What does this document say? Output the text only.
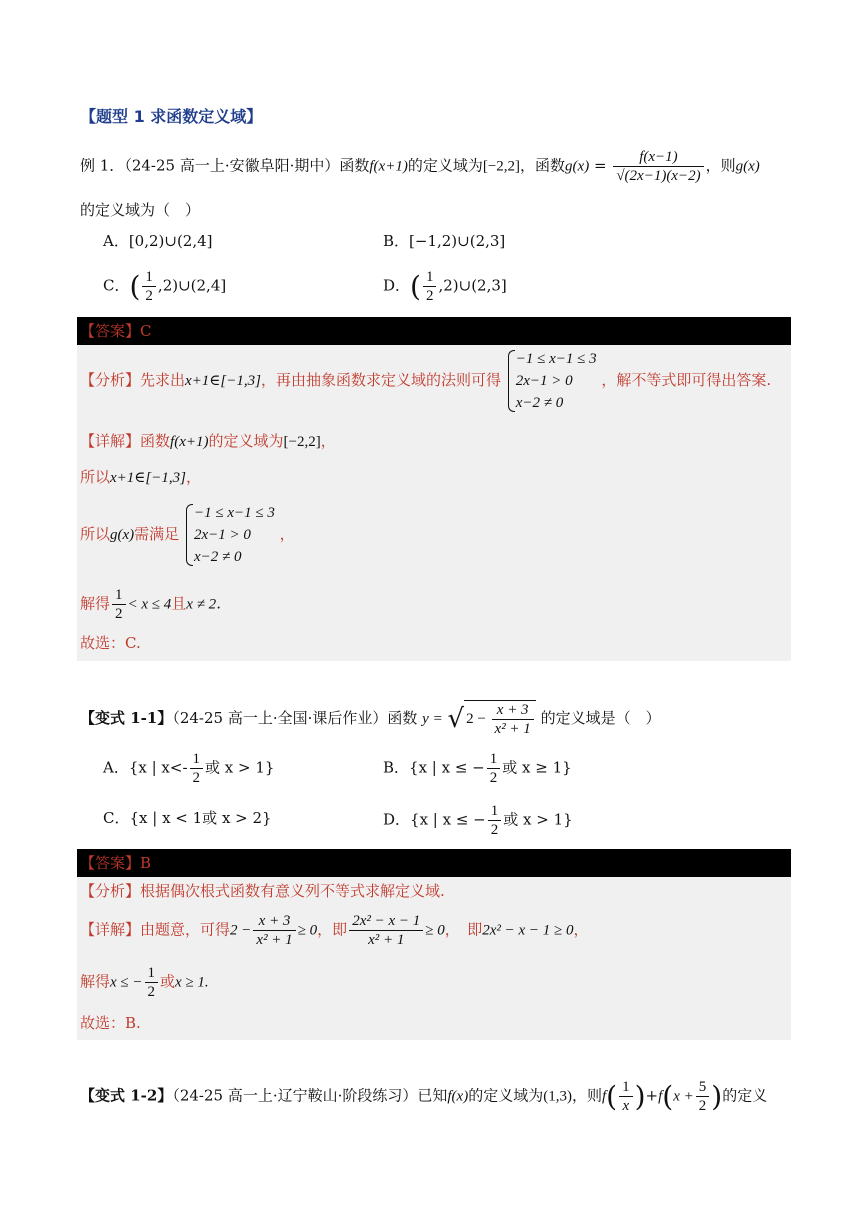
【题型 1 求函数定义域】
例 1．（24-25 高一上·安徽阜阳·期中）函数f(x+1)的定义域为[−2,2]，函数$g(x) = \frac{f(x-1)}{√(2x-1)(x-2)}$ ，则g(x)
的定义域为（　）
A．[0,2)∪(2,4]	B．[−1,2)∪(2,3]
C．( $\frac{1}{2}$ ,2)∪(2,4]	D．( $\frac{1}{2}$ ,2)∪(2,3]
【答案】C
【分析】先求出x+1∈[−1,3]，再由抽象函数求定义域的法则可得
−1 ≤ x−1 ≤ 3
2x−1 > 0
x−2 ≠ 0
，解不等式即可得出答案.
【详解】函数f(x+1)的定义域为[−2,2]，
所以x+1∈[−1,3]，
所以g(x)需满足
−1 ≤ x−1 ≤ 3
2x−1 > 0
x−2 ≠ 0
，
解得 $\frac{1}{2} < x \le 4$且x ≠ 2.
故选：C.
【变式 1-1】（24-25 高一上·全国·课后作业）函数 y = √ $2 - \frac{x + 3}{\text{x² + 1}}$ 的定义域是（　）
A．{x | $x<- \frac{1}{2}$ 或 x > 1}	B．{x | x ≤ − $\frac{1}{2}$ 或 x ≥ 1}
C．{x | x < 1或 x > 2}	D．{x | x ≤ − $\frac{1}{2}$ 或 x > 1}
【答案】B
【分析】根据偶次根式函数有意义列不等式求解定义域.
【详解】由题意，可得$2 - \frac{x + 3}{\text{x² + 1}} \ge 0$，即 $\frac{\text{2x² − x − 1}}{\text{x² + 1}} \ge 0$，　即2x² − x − 1 ≥ 0，
解得x ≤ − $\frac{1}{2}$ 或x ≥ 1.
故选：B.
【变式 1-2】（24-25 高一上·辽宁鞍山·阶段练习）已知f(x)的定义域为(1,3)，则$f( \frac{1}{x} )+f(x + \frac{5}{2}$ )的定义
